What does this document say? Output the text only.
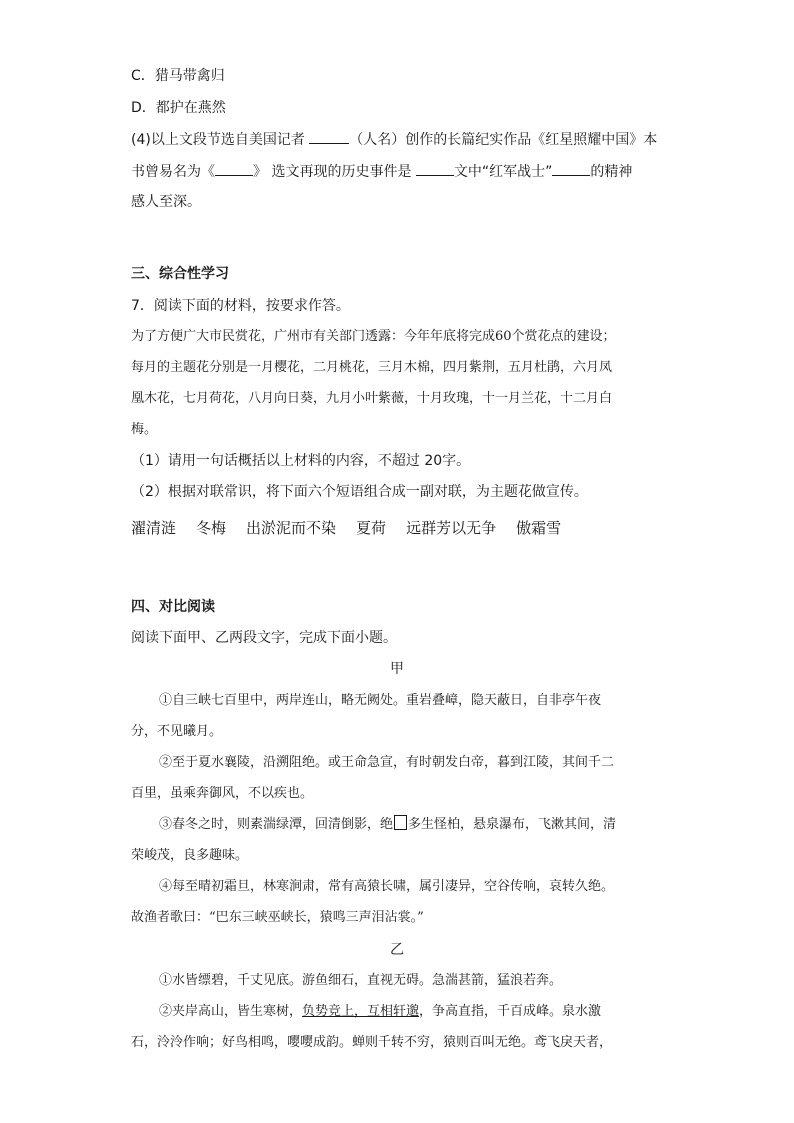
C．猎马带禽归
D．都护在燕然
(4)以上文段节选自美国记者	（人名）创作的长篇纪实作品《红星照耀中国》本
书曾易名为《	》 选文再现的历史事件是	文中“红军战士”	的精神
感人至深。
三、综合性学习
7．阅读下面的材料，按要求作答。
为了方便广大市民赏花，广州市有关部门透露：今年年底将完成60个赏花点的建设；
每月的主题花分别是一月樱花，二月桃花，三月木棉，四月紫荆，五月杜鹃，六月凤
凰木花，七月荷花，八月向日葵，九月小叶紫薇，十月玫瑰，十一月兰花，十二月白
梅。
（1）请用一句话概括以上材料的内容，不超过 20字。
（2）根据对联常识，将下面六个短语组合成一副对联，为主题花做宣传。
濯清涟 冬梅 出淤泥而不染 夏荷 远群芳以无争 傲霜雪
四、对比阅读
阅读下面甲、乙两段文字，完成下面小题。
甲
①自三峡七百里中，两岸连山，略无阙处。重岩叠嶂，隐天蔽日，自非亭午夜
分，不见曦月。
②至于夏水襄陵，沿溯阻绝。或王命急宣，有时朝发白帝，暮到江陵，其间千二
百里，虽乘奔御风，不以疾也。
③春冬之时，则素湍绿潭，回清倒影，绝 多生怪柏，悬泉瀑布，飞漱其间，清
荣峻茂，良多趣味。
④每至晴初霜旦，林寒涧肃，常有高猿长啸，属引凄异，空谷传响，哀转久绝。
故渔者歌曰：“巴东三峡巫峡长，猿鸣三声泪沾裳。”
乙
①水皆缥碧，千丈见底。游鱼细石，直视无碍。急湍甚箭，猛浪若奔。
②夹岸高山，皆生寒树，负势竞上，互相轩邈，争高直指，千百成峰。泉水激
石，泠泠作响；好鸟相鸣，嘤嘤成韵。蝉则千转不穷，猿则百叫无绝。鸢飞戾天者，
